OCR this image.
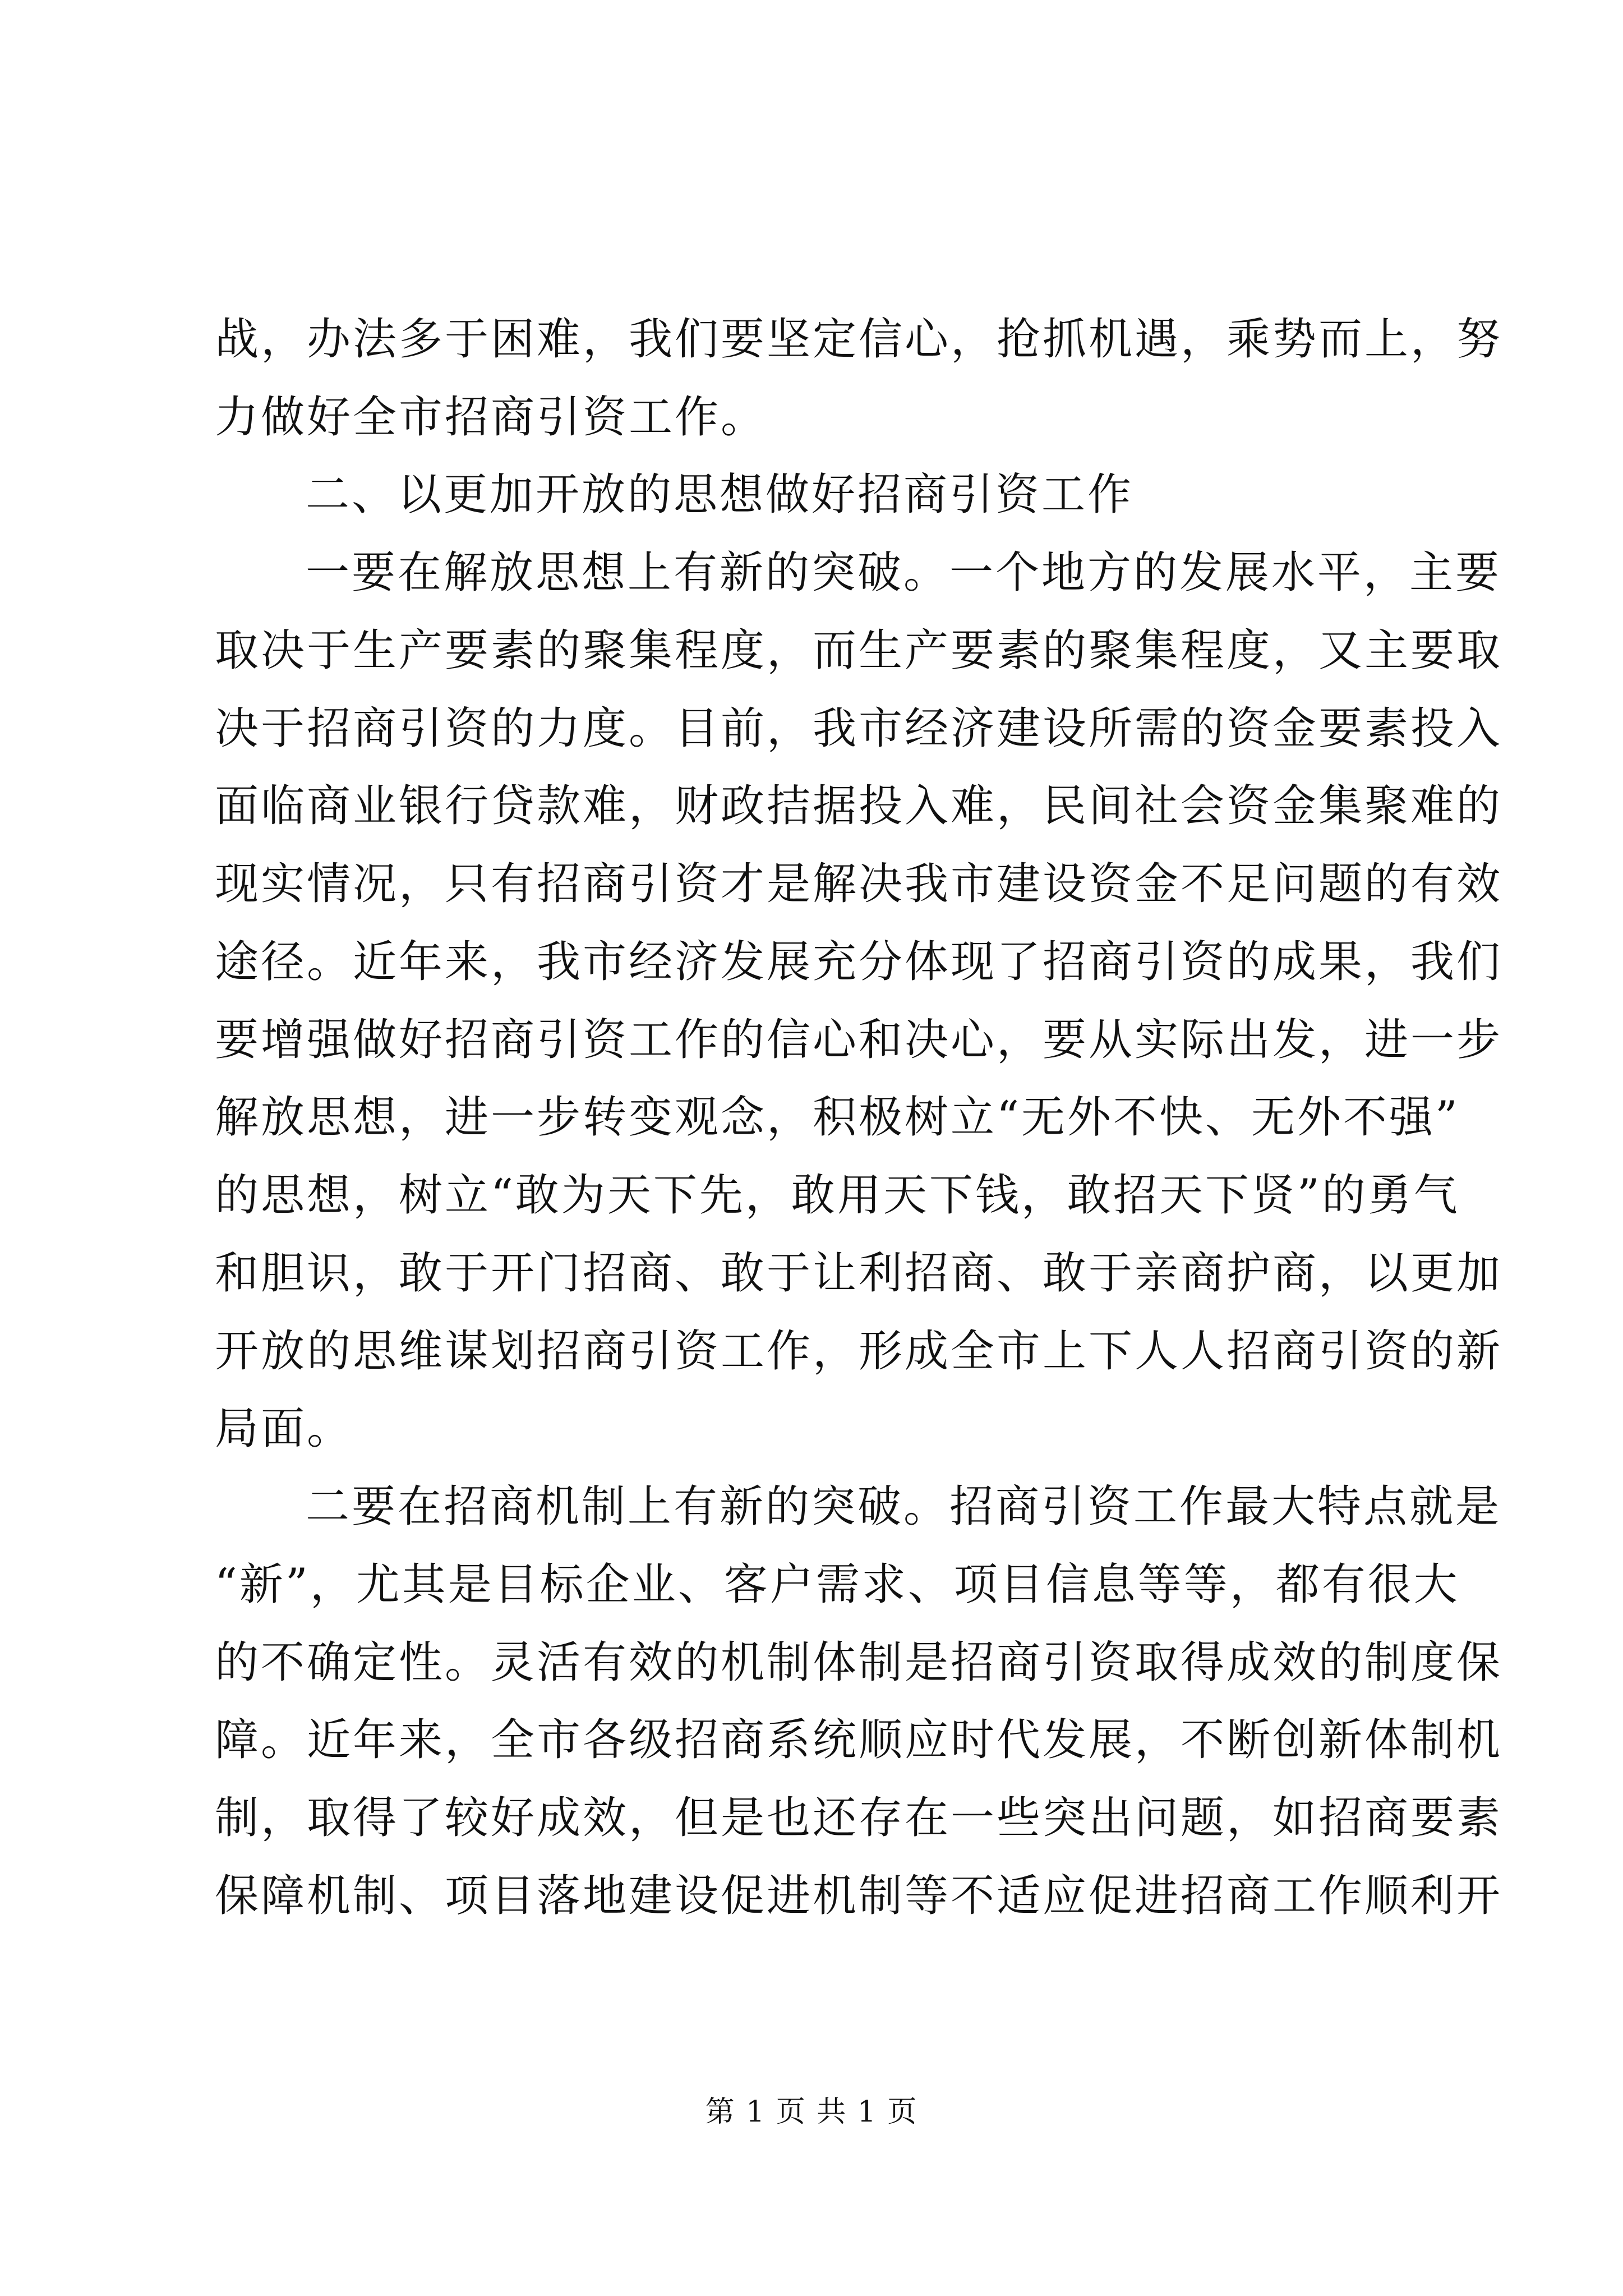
战，办法多于困难，我们要坚定信心，抢抓机遇，乘势而上，努
力做好全市招商引资工作。
二、以更加开放的思想做好招商引资工作
一要在解放思想上有新的突破。一个地方的发展水平，主要
取决于生产要素的聚集程度，而生产要素的聚集程度，又主要取
决于招商引资的力度。目前，我市经济建设所需的资金要素投入
面临商业银行贷款难，财政拮据投入难，民间社会资金集聚难的
现实情况，只有招商引资才是解决我市建设资金不足问题的有效
途径。近年来，我市经济发展充分体现了招商引资的成果，我们
要增强做好招商引资工作的信心和决心，要从实际出发，进一步
解放思想，进一步转变观念，积极树立“无外不快、无外不强”
的思想，树立“敢为天下先，敢用天下钱，敢招天下贤”的勇气
和胆识，敢于开门招商、敢于让利招商、敢于亲商护商，以更加
开放的思维谋划招商引资工作，形成全市上下人人招商引资的新
局面。
二要在招商机制上有新的突破。招商引资工作最大特点就是
“新”，尤其是目标企业、客户需求、项目信息等等，都有很大
的不确定性。灵活有效的机制体制是招商引资取得成效的制度保
障。近年来，全市各级招商系统顺应时代发展，不断创新体制机
制，取得了较好成效，但是也还存在一些突出问题，如招商要素
保障机制、项目落地建设促进机制等不适应促进招商工作顺利开
第 1 页 共 1 页
